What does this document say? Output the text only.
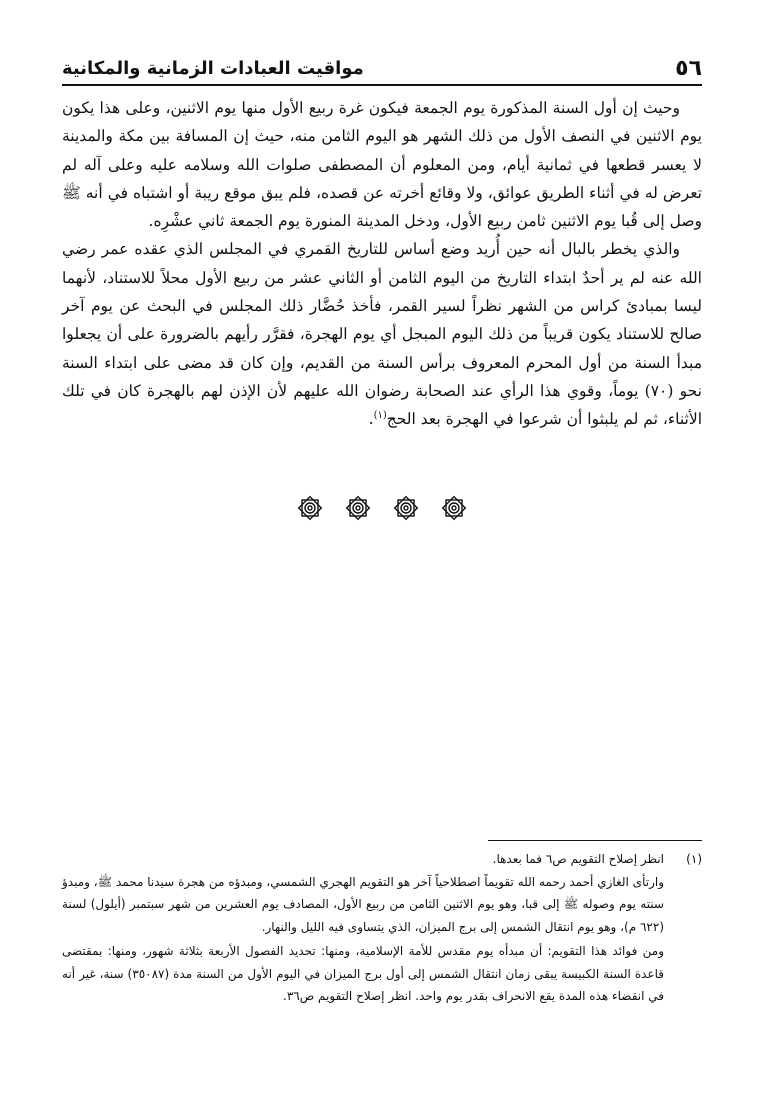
٥٦
مواقيت العبادات الزمانية والمكانية

وحيث إن أول السنة المذكورة يوم الجمعة فيكون غرة ربيع الأول منها يوم الاثنين، وعلى هذا يكون يوم الاثنين في النصف الأول من ذلك الشهر هو اليوم الثامن منه، حيث إن المسافة بين مكة والمدينة لا يعسر قطعها في ثمانية أيام، ومن المعلوم أن المصطفى صلوات الله وسلامه عليه وعلى آله لم تعرض له في أثناء الطريق عوائق، ولا وقائع أخرته عن قصده، فلم يبق موقع ريبة أو اشتباه في أنه ﷺ وصل إلى قُبا يوم الاثنين ثامن ربيع الأول، ودخل المدينة المنورة يوم الجمعة ثاني عشْرِه.

والذي يخطر بالبال أنه حين أُريد وضع أساس للتاريخ القمري في المجلس الذي عقده عمر رضي الله عنه لم ير أحدٌ ابتداء التاريخ من اليوم الثامن أو الثاني عشر من ربيع الأول محلاً للاستناد، لأنهما ليسا بمبادئ كراس من الشهر نظراً لسير القمر، فأخذ حُضَّار ذلك المجلس في البحث عن يوم آخر صالح للاستناد يكون قريباً من ذلك اليوم المبجل أي يوم الهجرة، فقرَّر رأيهم بالضرورة على أن يجعلوا مبدأ السنة من أول المحرم المعروف برأس السنة من القديم، وإن كان قد مضى على ابتداء السنة نحو (٧٠) يوماً، وقوي هذا الرأي عند الصحابة رضوان الله عليهم لأن الإذن لهم بالهجرة كان في تلك الأثناء، ثم لم يلبثوا أن شرعوا في الهجرة بعد الحج$^{(١)}$.

(١)

انظر إصلاح التقويم ص٦ فما بعدها.

وارتأى الغازي أحمد رحمه الله تقويماً اصطلاحياً آخر هو التقويم الهجري الشمسي، ومبدؤه من هجرة سيدنا محمد ﷺ، ومبدؤ سنته يوم وصوله ﷺ إلى قبا، وهو يوم الاثنين الثامن من ربيع الأول، المصادف يوم العشرين من شهر سبتمبر (أيلول) لسنة (٦٢٢ م)، وهو يوم انتقال الشمس إلى برج الميزان، الذي يتساوى فيه الليل والنهار.

ومن فوائد هذا التقويم: أن مبدأه يوم مقدس للأمة الإسلامية، ومنها: تحديد الفصول الأربعة بثلاثة شهور، ومنها: بمقتضى قاعدة السنة الكبيسة يبقى زمان انتقال الشمس إلى أول برج الميزان في اليوم الأول من السنة مدة (٣٥٠٨٧) سنة، غير أنه في انقضاء هذه المدة يقع الانحراف بقدر يوم واحد. انظر إصلاح التقويم ص٣٦.
